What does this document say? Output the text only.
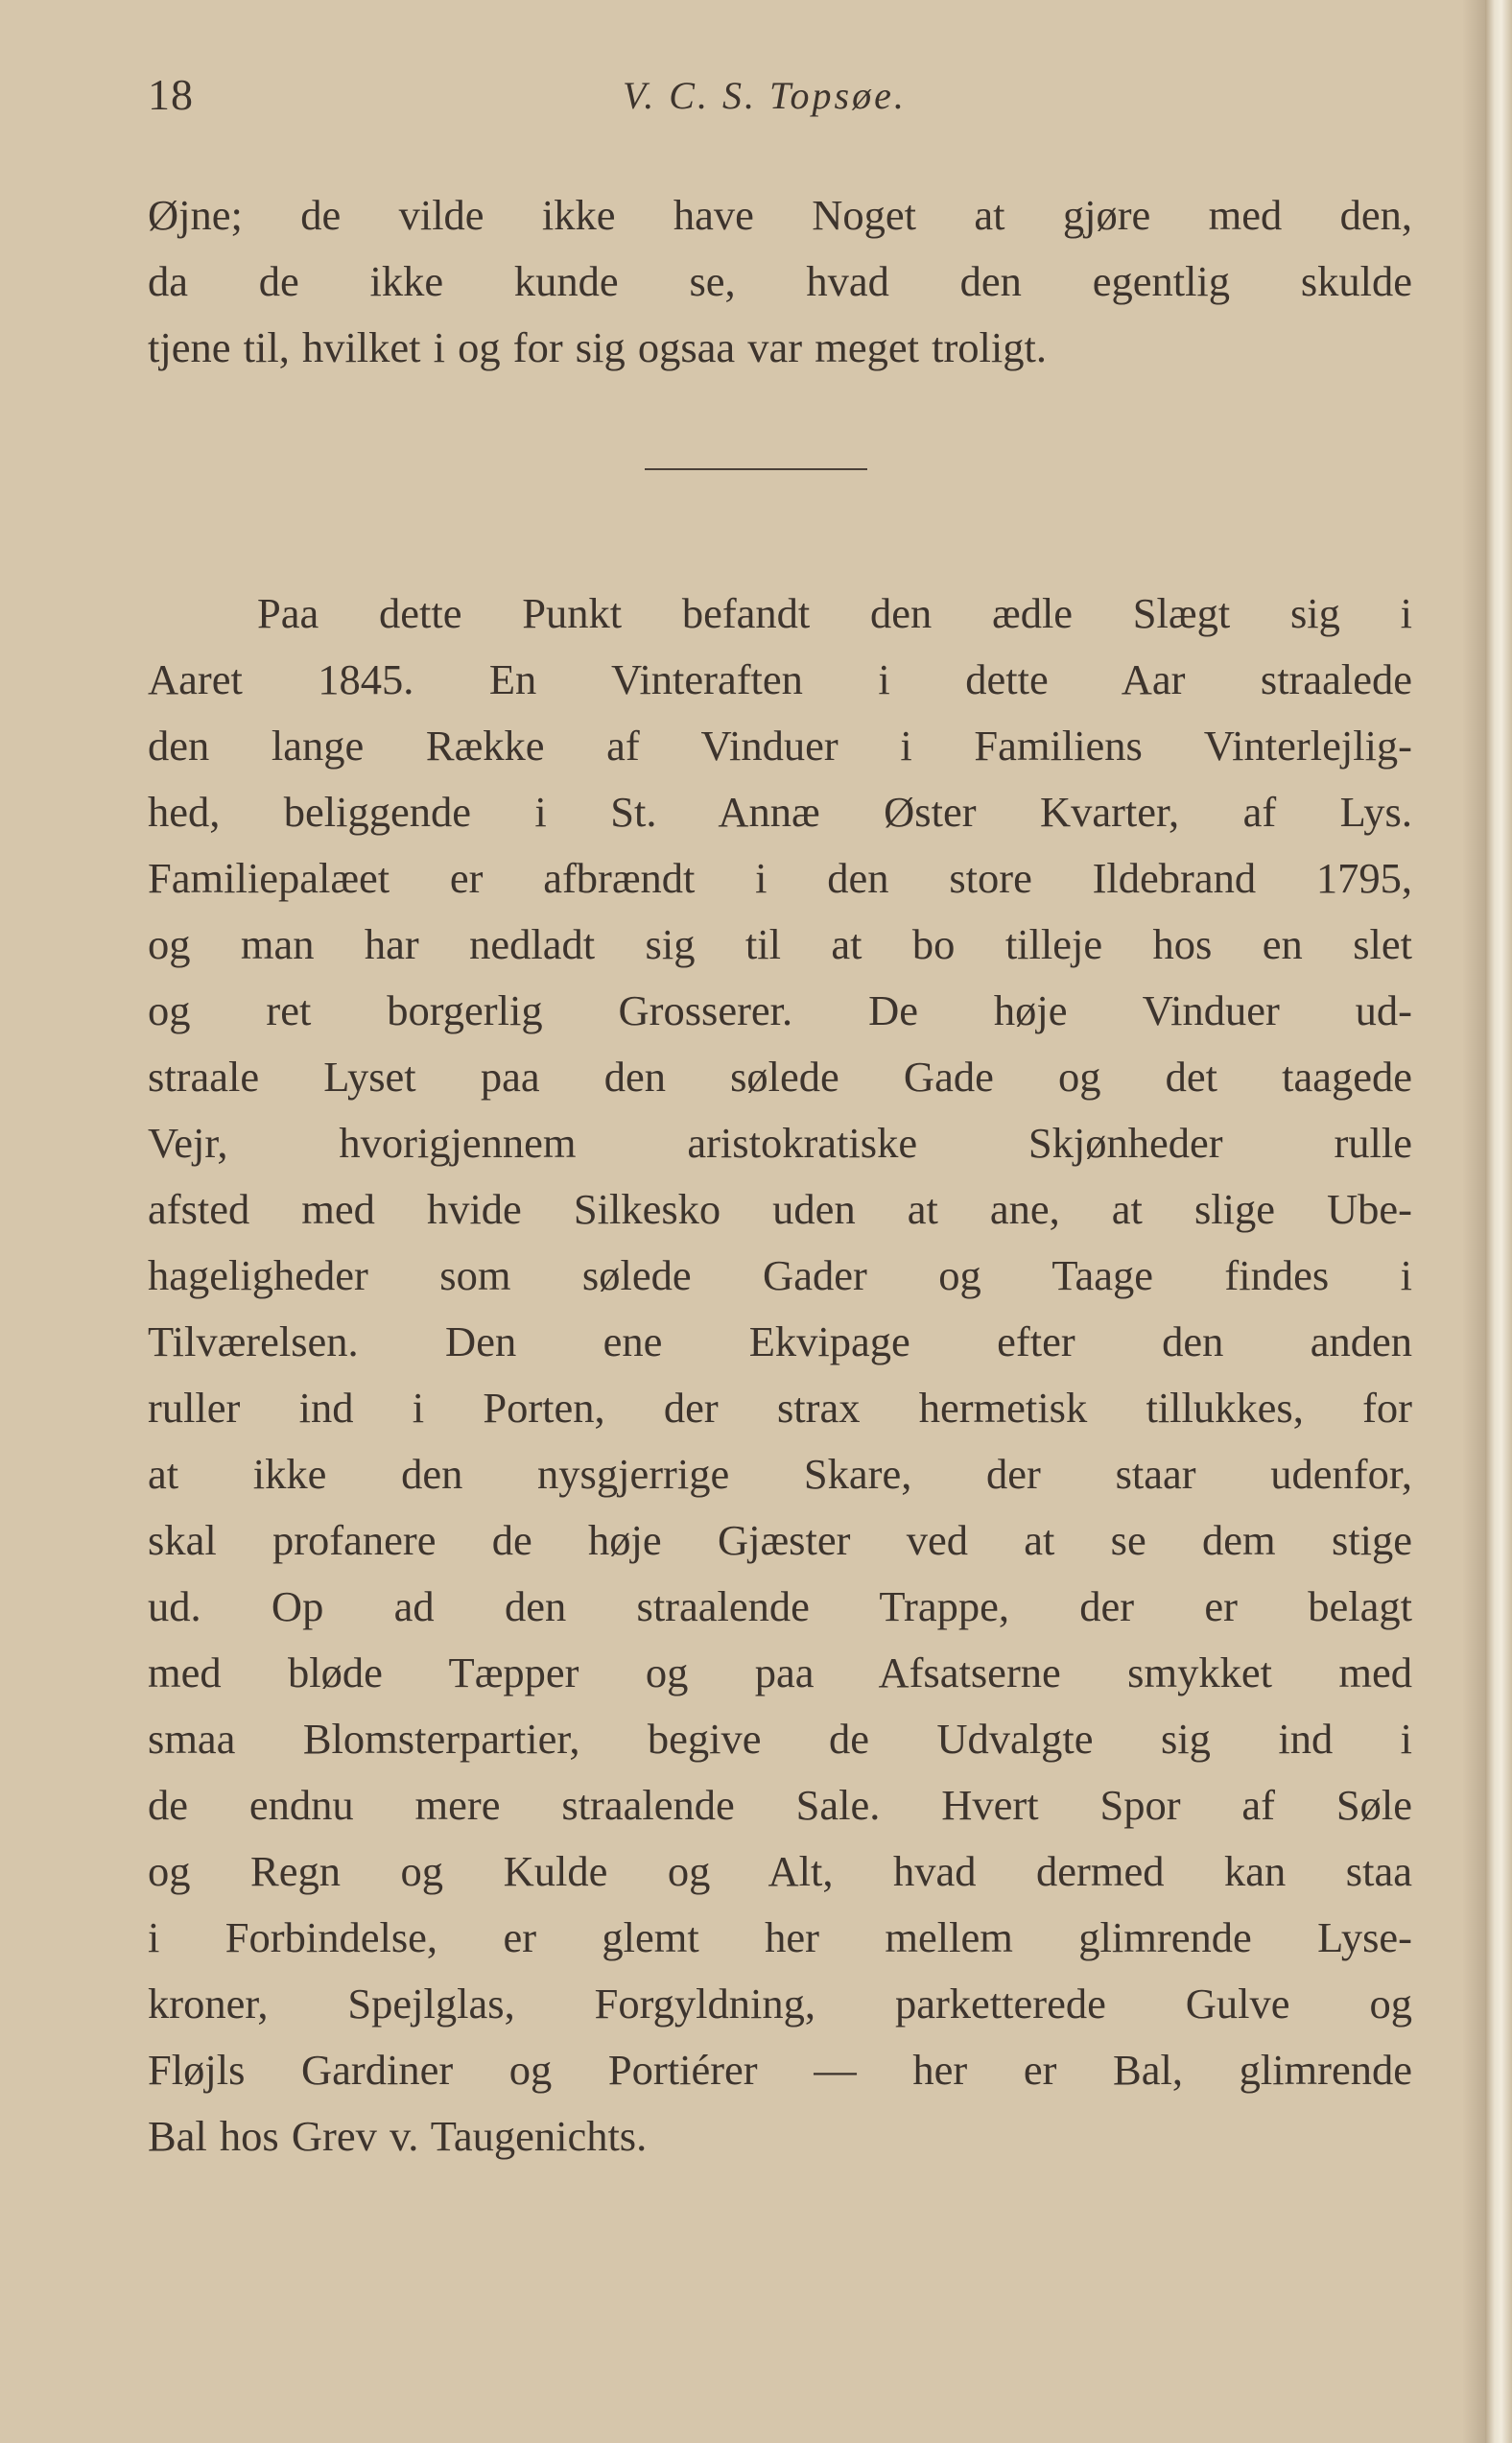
18	V. C. S. Topsøe.
Øjne; de vilde ikke have Noget at gjøre med den,
da de ikke kunde se, hvad den egentlig skulde
tjene til, hvilket i og for sig ogsaa var meget troligt.
Paa dette Punkt befandt den ædle Slægt sig i
Aaret 1845. En Vinteraften i dette Aar straalede
den lange Række af Vinduer i Familiens Vinterlejlig-
hed, beliggende i St. Annæ Øster Kvarter, af Lys.
Familiepalæet er afbrændt i den store Ildebrand 1795,
og man har nedladt sig til at bo tilleje hos en slet
og ret borgerlig Grosserer. De høje Vinduer ud-
straale Lyset paa den sølede Gade og det taagede
Vejr, hvorigjennem aristokratiske Skjønheder rulle
afsted med hvide Silkesko uden at ane, at slige Ube-
hageligheder som sølede Gader og Taage findes i
Tilværelsen. Den ene Ekvipage efter den anden
ruller ind i Porten, der strax hermetisk tillukkes, for
at ikke den nysgjerrige Skare, der staar udenfor,
skal profanere de høje Gjæster ved at se dem stige
ud. Op ad den straalende Trappe, der er belagt
med bløde Tæpper og paa Afsatserne smykket med
smaa Blomsterpartier, begive de Udvalgte sig ind i
de endnu mere straalende Sale. Hvert Spor af Søle
og Regn og Kulde og Alt, hvad dermed kan staa
i Forbindelse, er glemt her mellem glimrende Lyse-
kroner, Spejlglas, Forgyldning, parketterede Gulve og
Fløjls Gardiner og Portiérer — her er Bal, glimrende
Bal hos Grev v. Taugenichts.
